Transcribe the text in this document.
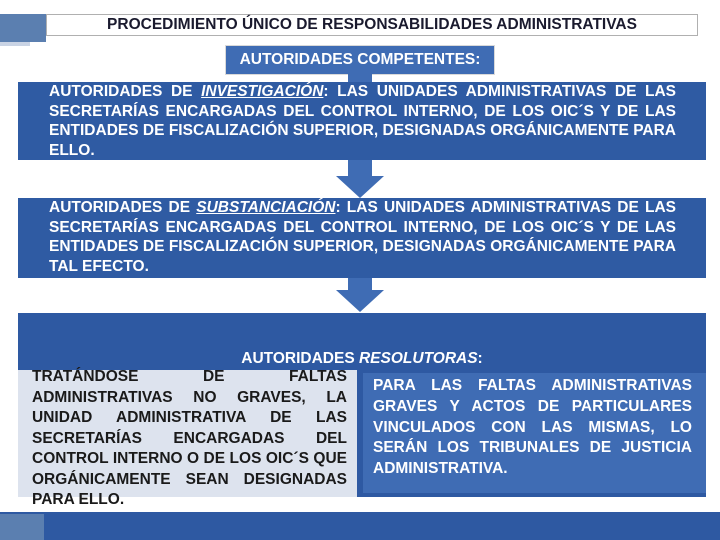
PROCEDIMIENTO ÚNICO DE RESPONSABILIDADES ADMINISTRATIVAS
AUTORIDADES COMPETENTES:
AUTORIDADES DE INVESTIGACIÓN: LAS UNIDADES ADMINISTRATIVAS DE LAS SECRETARÍAS ENCARGADAS DEL CONTROL INTERNO, DE LOS OIC´S Y DE LAS ENTIDADES DE FISCALIZACIÓN SUPERIOR, DESIGNADAS ORGÁNICAMENTE PARA ELLO.
AUTORIDADES DE SUBSTANCIACIÓN: LAS UNIDADES ADMINISTRATIVAS DE LAS SECRETARÍAS ENCARGADAS DEL CONTROL INTERNO, DE LOS OIC´S Y DE LAS ENTIDADES DE FISCALIZACIÓN SUPERIOR, DESIGNADAS ORGÁNICAMENTE PARA TAL EFECTO.
AUTORIDADES RESOLUTORAS:
TRATÁNDOSE DE FALTAS ADMINISTRATIVAS NO GRAVES, LA UNIDAD ADMINISTRATIVA DE LAS SECRETARÍAS ENCARGADAS DEL CONTROL INTERNO O DE LOS OIC´S QUE ORGÁNICAMENTE SEAN DESIGNADAS PARA ELLO.
PARA LAS FALTAS ADMINISTRATIVAS GRAVES Y ACTOS DE PARTICULARES VINCULADOS CON LAS MISMAS, LO SERÁN LOS TRIBUNALES DE JUSTICIA ADMINISTRATIVA.
